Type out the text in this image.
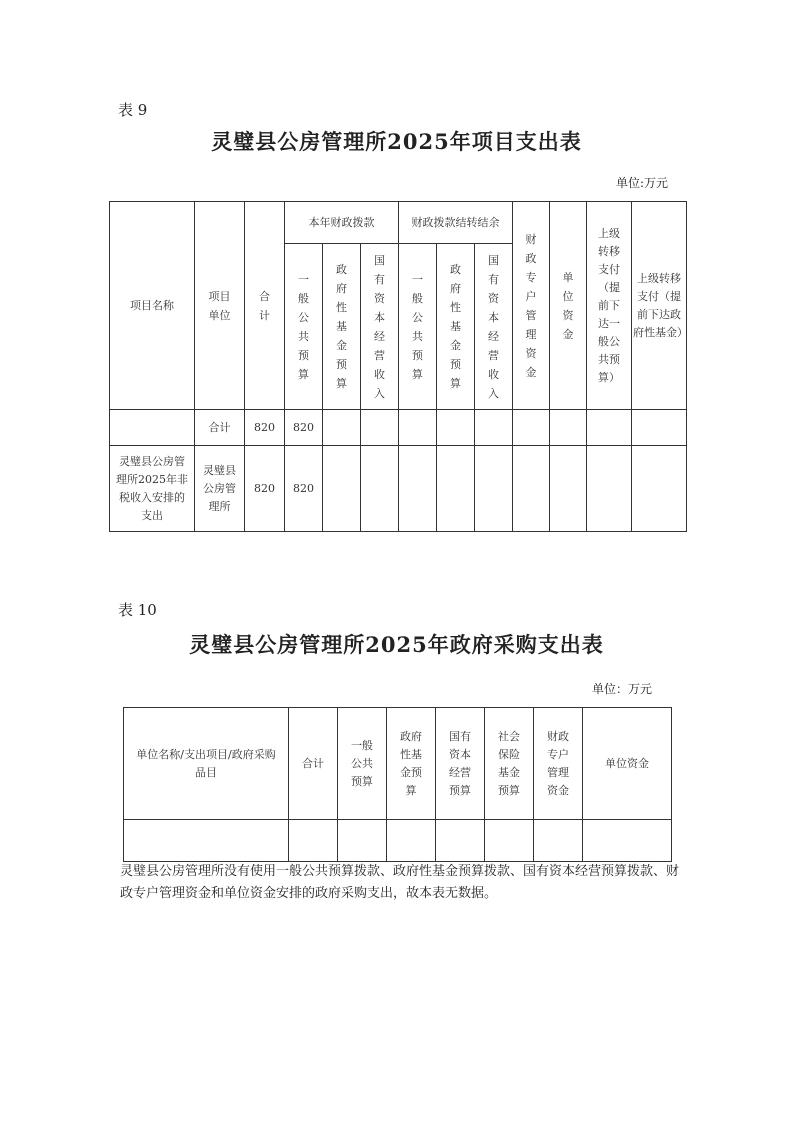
表 9
灵璧县公房管理所2025年项目支出表
单位:万元
项目名称	项目单位	合计	本年财政拨款			财政拨款结转结余			财政专户管理资金	单位资金	上级转移支付（提前下达一般公共预算）	上级转移支付（提前下达政府性基金）
			一般公共预算	政府性基金预算	国有资本经营收入	一般公共预算	政府性基金预算	国有资本经营收入				
	合计	820	820									
灵璧县公房管理所2025年非税收入安排的支出	灵璧县公房管理所	820	820									
表 10
灵璧县公房管理所2025年政府采购支出表
单位：万元
单位名称/支出项目/政府采购品目	合计	一般公共预算	政府性基金预算	国有资本经营预算	社会保险基金预算	财政专户管理资金	单位资金

灵璧县公房管理所没有使用一般公共预算拨款、政府性基金预算拨款、国有资本经营预算拨款、财 政专户管理资金和单位资金安排的政府采购支出，故本表无数据。
